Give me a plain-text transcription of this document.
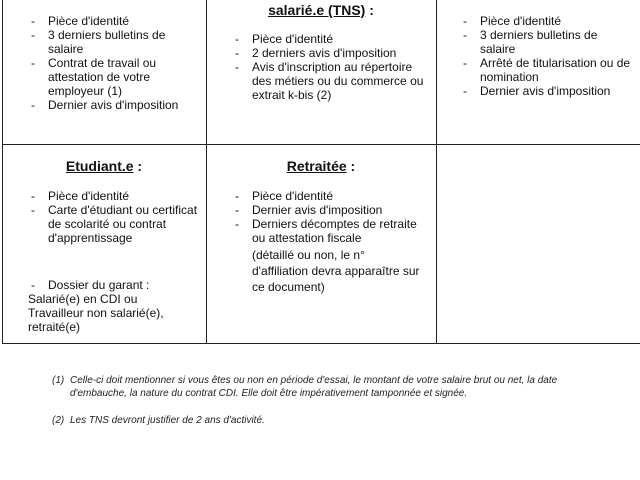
- Pièce d'identité
- 3 derniers bulletins de salaire
- Contrat de travail ou attestation de votre employeur (1)
- Dernier avis d'imposition
salarié.e (TNS) :
- Pièce d'identité
- 2 derniers avis d'imposition
- Avis d'inscription au répertoire des métiers ou du commerce ou extrait k-bis (2)
- Pièce d'identité
- 3 derniers bulletins de salaire
- Arrêté de titularisation ou de nomination
- Dernier avis d'imposition
Etudiant.e :
- Pièce d'identité
- Carte d'étudiant ou certificat de scolarité ou contrat d'apprentissage
- Dossier du garant :
Salarié(e) en CDI ou Travailleur non salarié(e), retraité(e)
Retraitée :
- Pièce d'identité
- Dernier avis d'imposition
- Derniers décomptes de retraite ou attestation fiscale
(détaillé ou non, le n° d'affiliation devra apparaître sur ce document)
(1) Celle-ci doit mentionner si vous êtes ou non en période d'essai, le montant de votre salaire brut ou net, la date d'embauche, la nature du contrat CDI. Elle doit être impérativement tamponnée et signée.
(2) Les TNS devront justifier de 2 ans d'activité.
